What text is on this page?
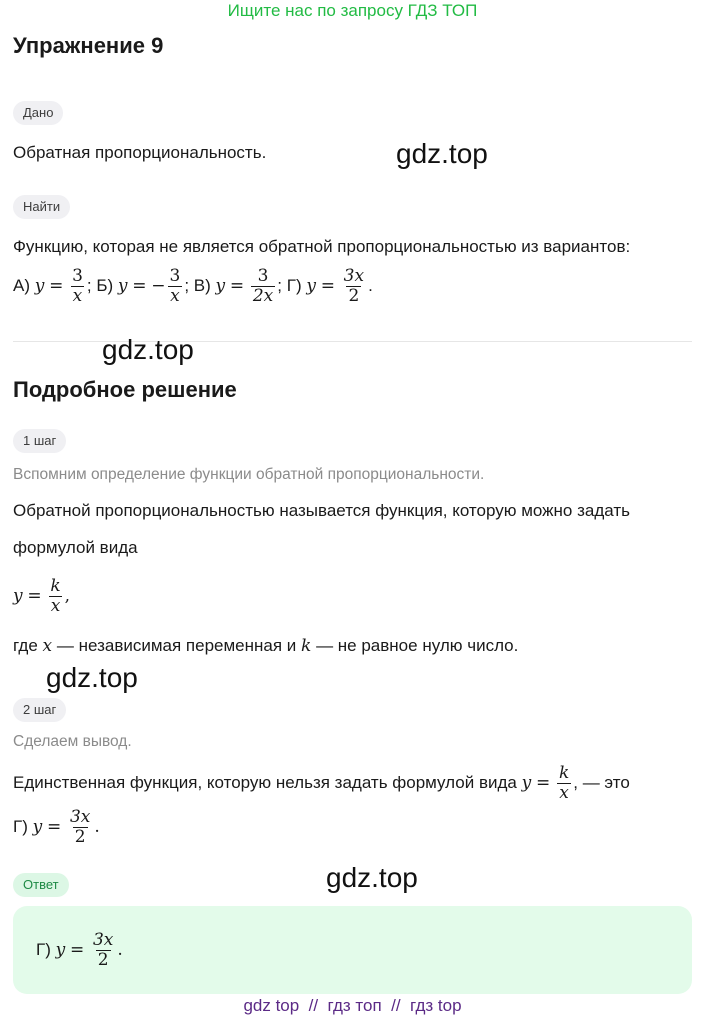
Ищите нас по запросу ГДЗ ТОП
Упражнение 9
Дано
Обратная пропорциональность.	gdz.top
Найти
Функцию, которая не является обратной пропорциональностью из вариантов:
А)
y
=
$\frac{3}{x}$ ;
Б)
y
=
− $\frac{3}{x}$ ;
В)
y
=
$\frac{3}{2x}$ ;
Г)
y
=
$\frac{3x}{2}$ .
gdz.top
Подробное решение
1 шаг
Вспомним определение функции обратной пропорциональности.
Обратной пропорциональностью называется функция, которую можно задать
формулой вида
y
=
$\frac{k}{x}$ ,
где x — независимая переменная и k — не равное нулю число.
gdz.top
2 шаг
Сделаем вывод.
Единственная функция, которую нельзя задать формулой вида
y
=
$\frac{k}{x}$ , — это
Г)
y
=
$\frac{3x}{2}$ .
gdz.top
Ответ
Г)
y
=
$\frac{3x}{2}$ .
gdz top  //  гдз топ  //  гдз top
